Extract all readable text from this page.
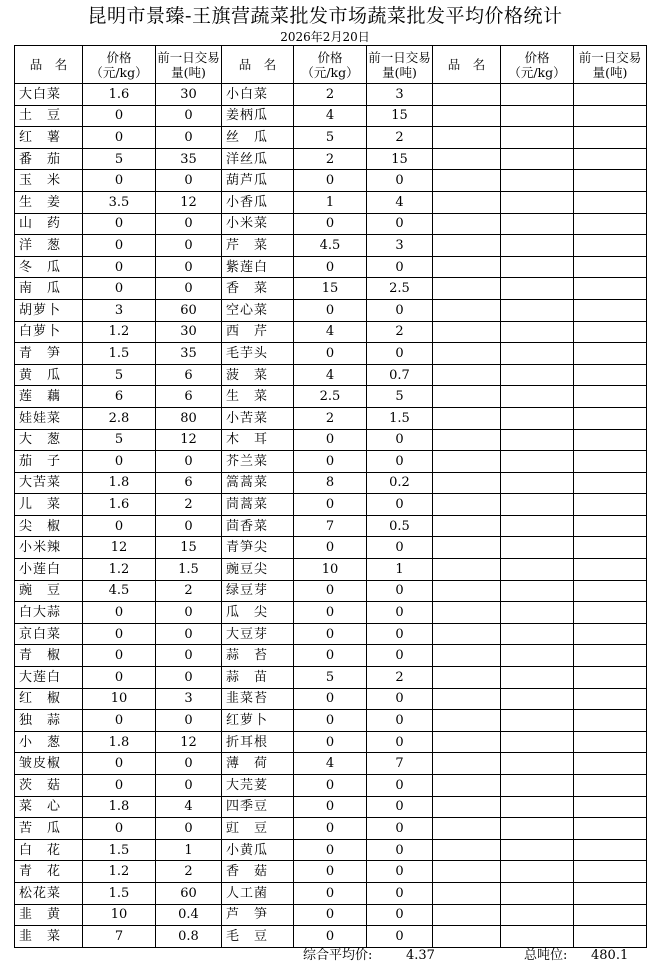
昆明市景臻-王旗营蔬菜批发市场蔬菜批发平均价格统计
2026年2月20日
品　名	价格（元/kg）	前一日交易量(吨)	品　名	价格（元/kg）	前一日交易量(吨)	品　名	价格（元/kg）	前一日交易量(吨)
大白菜	1.6	30	小白菜	2	3			
土　豆	0	0	姜柄瓜	4	15			
红　薯	0	0	丝　瓜	5	2			
番　茄	5	35	洋丝瓜	2	15			
玉　米	0	0	葫芦瓜	0	0			
生　姜	3.5	12	小香瓜	1	4			
山　药	0	0	小米菜	0	0			
洋　葱	0	0	芹　菜	4.5	3			
冬　瓜	0	0	紫莲白	0	0			
南　瓜	0	0	香　菜	15	2.5			
胡萝卜	3	60	空心菜	0	0			
白萝卜	1.2	30	西　芹	4	2			
青　笋	1.5	35	毛芋头	0	0			
黄　瓜	5	6	菠　菜	4	0.7			
莲　藕	6	6	生　菜	2.5	5			
娃娃菜	2.8	80	小苦菜	2	1.5			
大　葱	5	12	木　耳	0	0			
茄　子	0	0	芥兰菜	0	0			
大苦菜	1.8	6	篙蒿菜	8	0.2			
儿　菜	1.6	2	茼蒿菜	0	0			
尖　椒	0	0	茴香菜	7	0.5			
小米辣	12	15	青笋尖	0	0			
小莲白	1.2	1.5	豌豆尖	10	1			
豌　豆	4.5	2	绿豆芽	0	0			
白大蒜	0	0	瓜　尖	0	0			
京白菜	0	0	大豆芽	0	0			
青　椒	0	0	蒜　苔	0	0			
大莲白	0	0	蒜　苗	5	2			
红　椒	10	3	韭菜苔	0	0			
独　蒜	0	0	红萝卜	0	0			
小　葱	1.8	12	折耳根	0	0			
皱皮椒	0	0	薄　荷	4	7			
茨　菇	0	0	大芫荽	0	0			
菜　心	1.8	4	四季豆	0	0			
苦　瓜	0	0	豇　豆	0	0			
白　花	1.5	1	小黄瓜	0	0			
青　花	1.2	2	香　菇	0	0			
松花菜	1.5	60	人工菌	0	0			
韭　黄	10	0.4	芦　笋	0	0			
韭　菜	7	0.8	毛　豆	0	0			
综合平均价:	4.37	总吨位: 480.1
